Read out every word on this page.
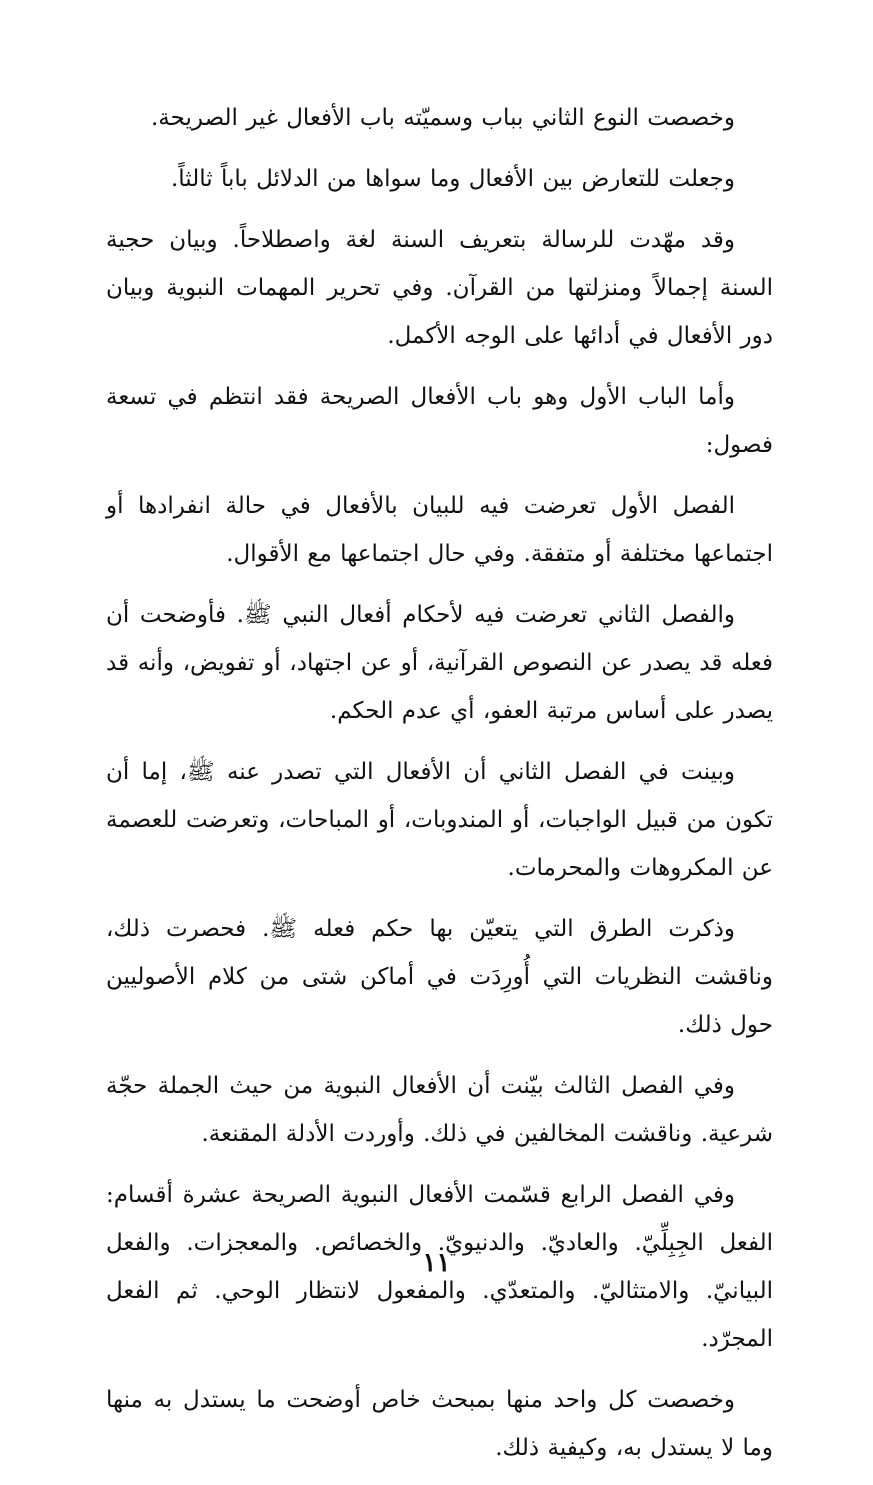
وخصصت النوع الثاني بباب وسميّته باب الأفعال غير الصريحة.

وجعلت للتعارض بين الأفعال وما سواها من الدلائل باباً ثالثاً.

وقد مهّدت للرسالة بتعريف السنة لغة واصطلاحاً. وبيان حجية السنة إجمالاً ومنزلتها من القرآن. وفي تحرير المهمات النبوية وبيان دور الأفعال في أدائها على الوجه الأكمل.

وأما الباب الأول وهو باب الأفعال الصريحة فقد انتظم في تسعة فصول:

الفصل الأول تعرضت فيه للبيان بالأفعال في حالة انفرادها أو اجتماعها مختلفة أو متفقة. وفي حال اجتماعها مع الأقوال.

والفصل الثاني تعرضت فيه لأحكام أفعال النبي ﷺ. فأوضحت أن فعله قد يصدر عن النصوص القرآنية، أو عن اجتهاد، أو تفويض، وأنه قد يصدر على أساس مرتبة العفو، أي عدم الحكم.

وبينت في الفصل الثاني أن الأفعال التي تصدر عنه ﷺ، إما أن تكون من قبيل الواجبات، أو المندوبات، أو المباحات، وتعرضت للعصمة عن المكروهات والمحرمات.

وذكرت الطرق التي يتعيّن بها حكم فعله ﷺ. فحصرت ذلك، وناقشت النظريات التي أُورِدَت في أماكن شتى من كلام الأصوليين حول ذلك.

وفي الفصل الثالث بيّنت أن الأفعال النبوية من حيث الجملة حجّة شرعية. وناقشت المخالفين في ذلك. وأوردت الأدلة المقنعة.

وفي الفصل الرابع قسّمت الأفعال النبوية الصريحة عشرة أقسام: الفعل الجِبِلِّيّ. والعاديّ. والدنيويّ. والخصائص. والمعجزات. والفعل البيانيّ. والامتثاليّ. والمتعدّي. والمفعول لانتظار الوحي. ثم الفعل المجرّد.

وخصصت كل واحد منها بمبحث خاص أوضحت ما يستدل به منها وما لا يستدل به، وكيفية ذلك.

١١
